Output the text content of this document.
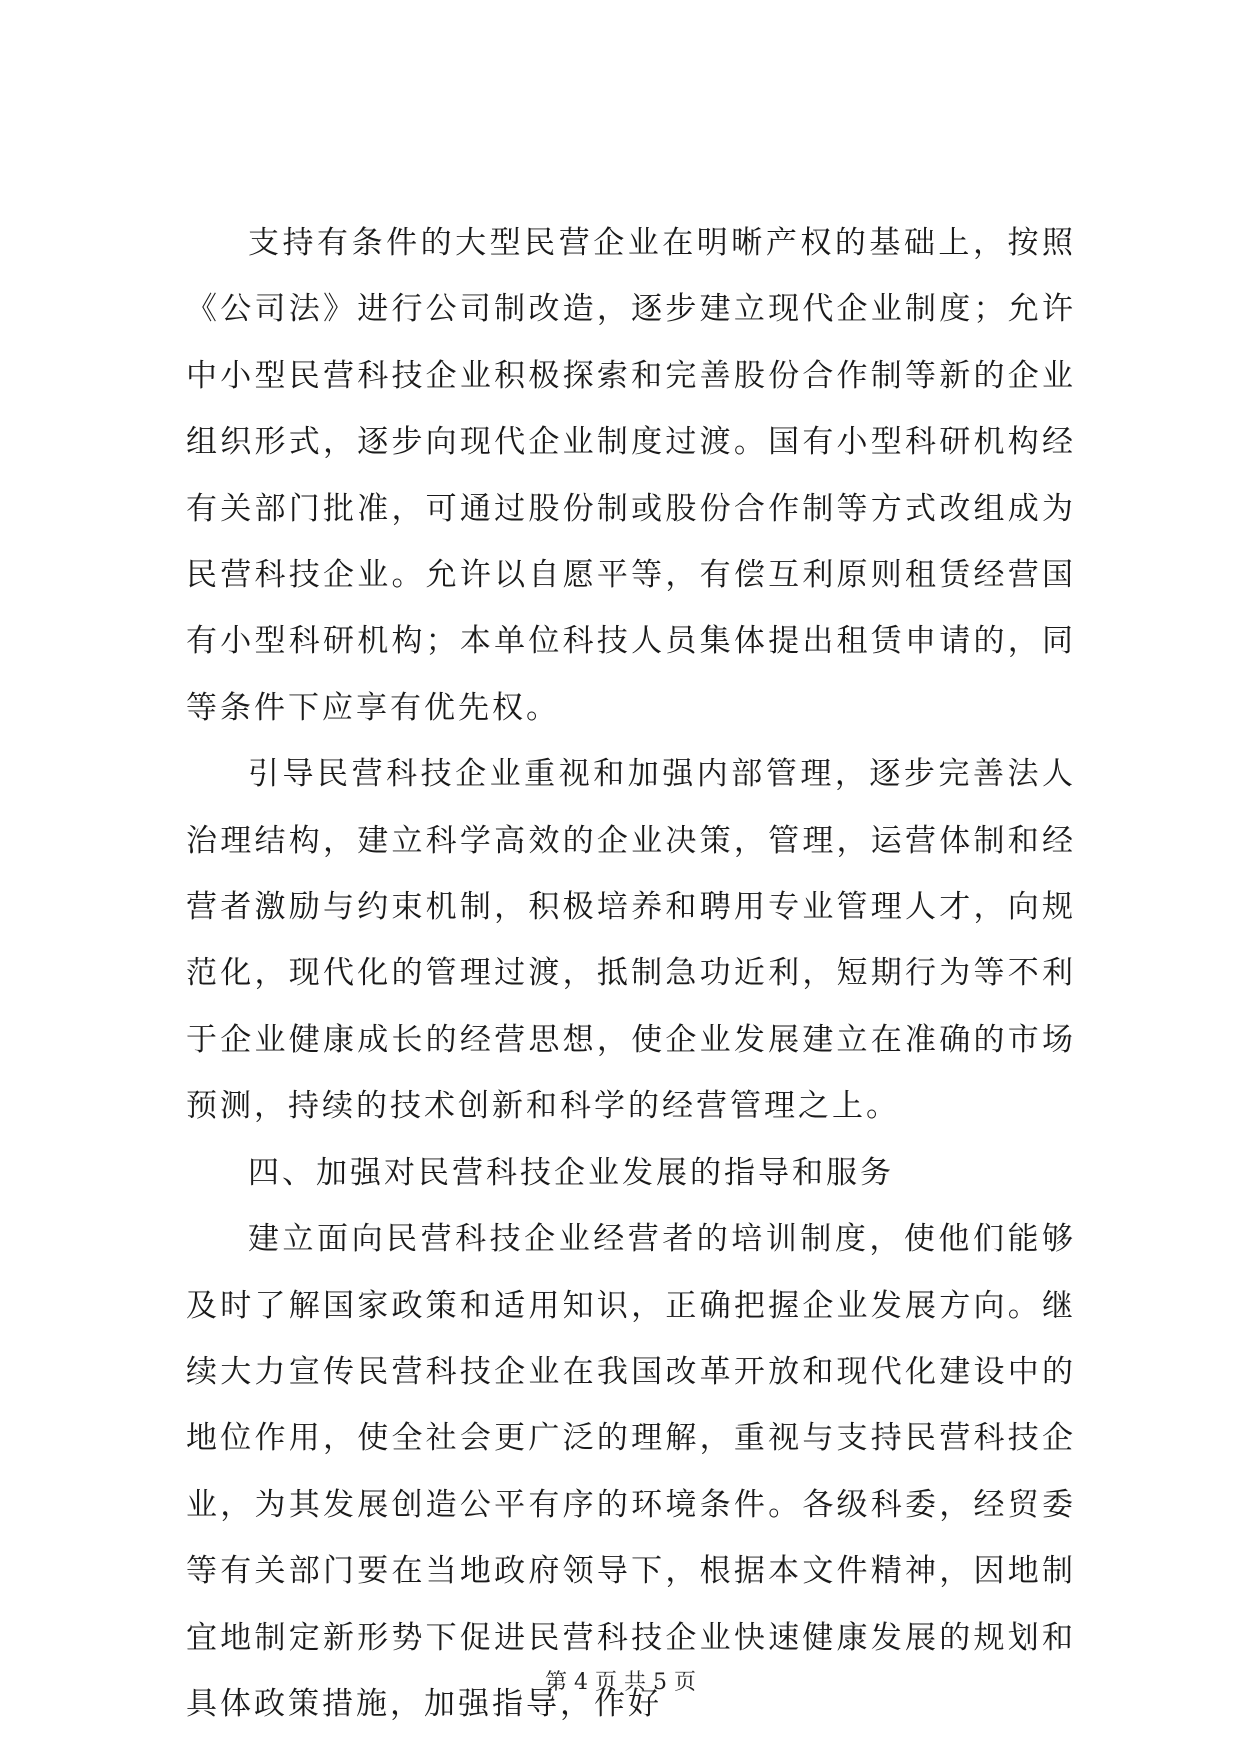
支持有条件的大型民营企业在明晰产权的基础上，按照《公司法》进行公司制改造，逐步建立现代企业制度；允许中小型民营科技企业积极探索和完善股份合作制等新的企业组织形式，逐步向现代企业制度过渡。国有小型科研机构经有关部门批准，可通过股份制或股份合作制等方式改组成为民营科技企业。允许以自愿平等，有偿互利原则租赁经营国有小型科研机构；本单位科技人员集体提出租赁申请的，同等条件下应享有优先权。

引导民营科技企业重视和加强内部管理，逐步完善法人治理结构，建立科学高效的企业决策，管理，运营体制和经营者激励与约束机制，积极培养和聘用专业管理人才，向规范化，现代化的管理过渡，抵制急功近利，短期行为等不利于企业健康成长的经营思想，使企业发展建立在准确的市场预测，持续的技术创新和科学的经营管理之上。

四、加强对民营科技企业发展的指导和服务

建立面向民营科技企业经营者的培训制度，使他们能够及时了解国家政策和适用知识，正确把握企业发展方向。继续大力宣传民营科技企业在我国改革开放和现代化建设中的地位作用，使全社会更广泛的理解，重视与支持民营科技企业，为其发展创造公平有序的环境条件。各级科委，经贸委等有关部门要在当地政府领导下，根据本文件精神，因地制宜地制定新形势下促进民营科技企业快速健康发展的规划和具体政策措施，加强指导，作好

第 4 页 共 5 页
